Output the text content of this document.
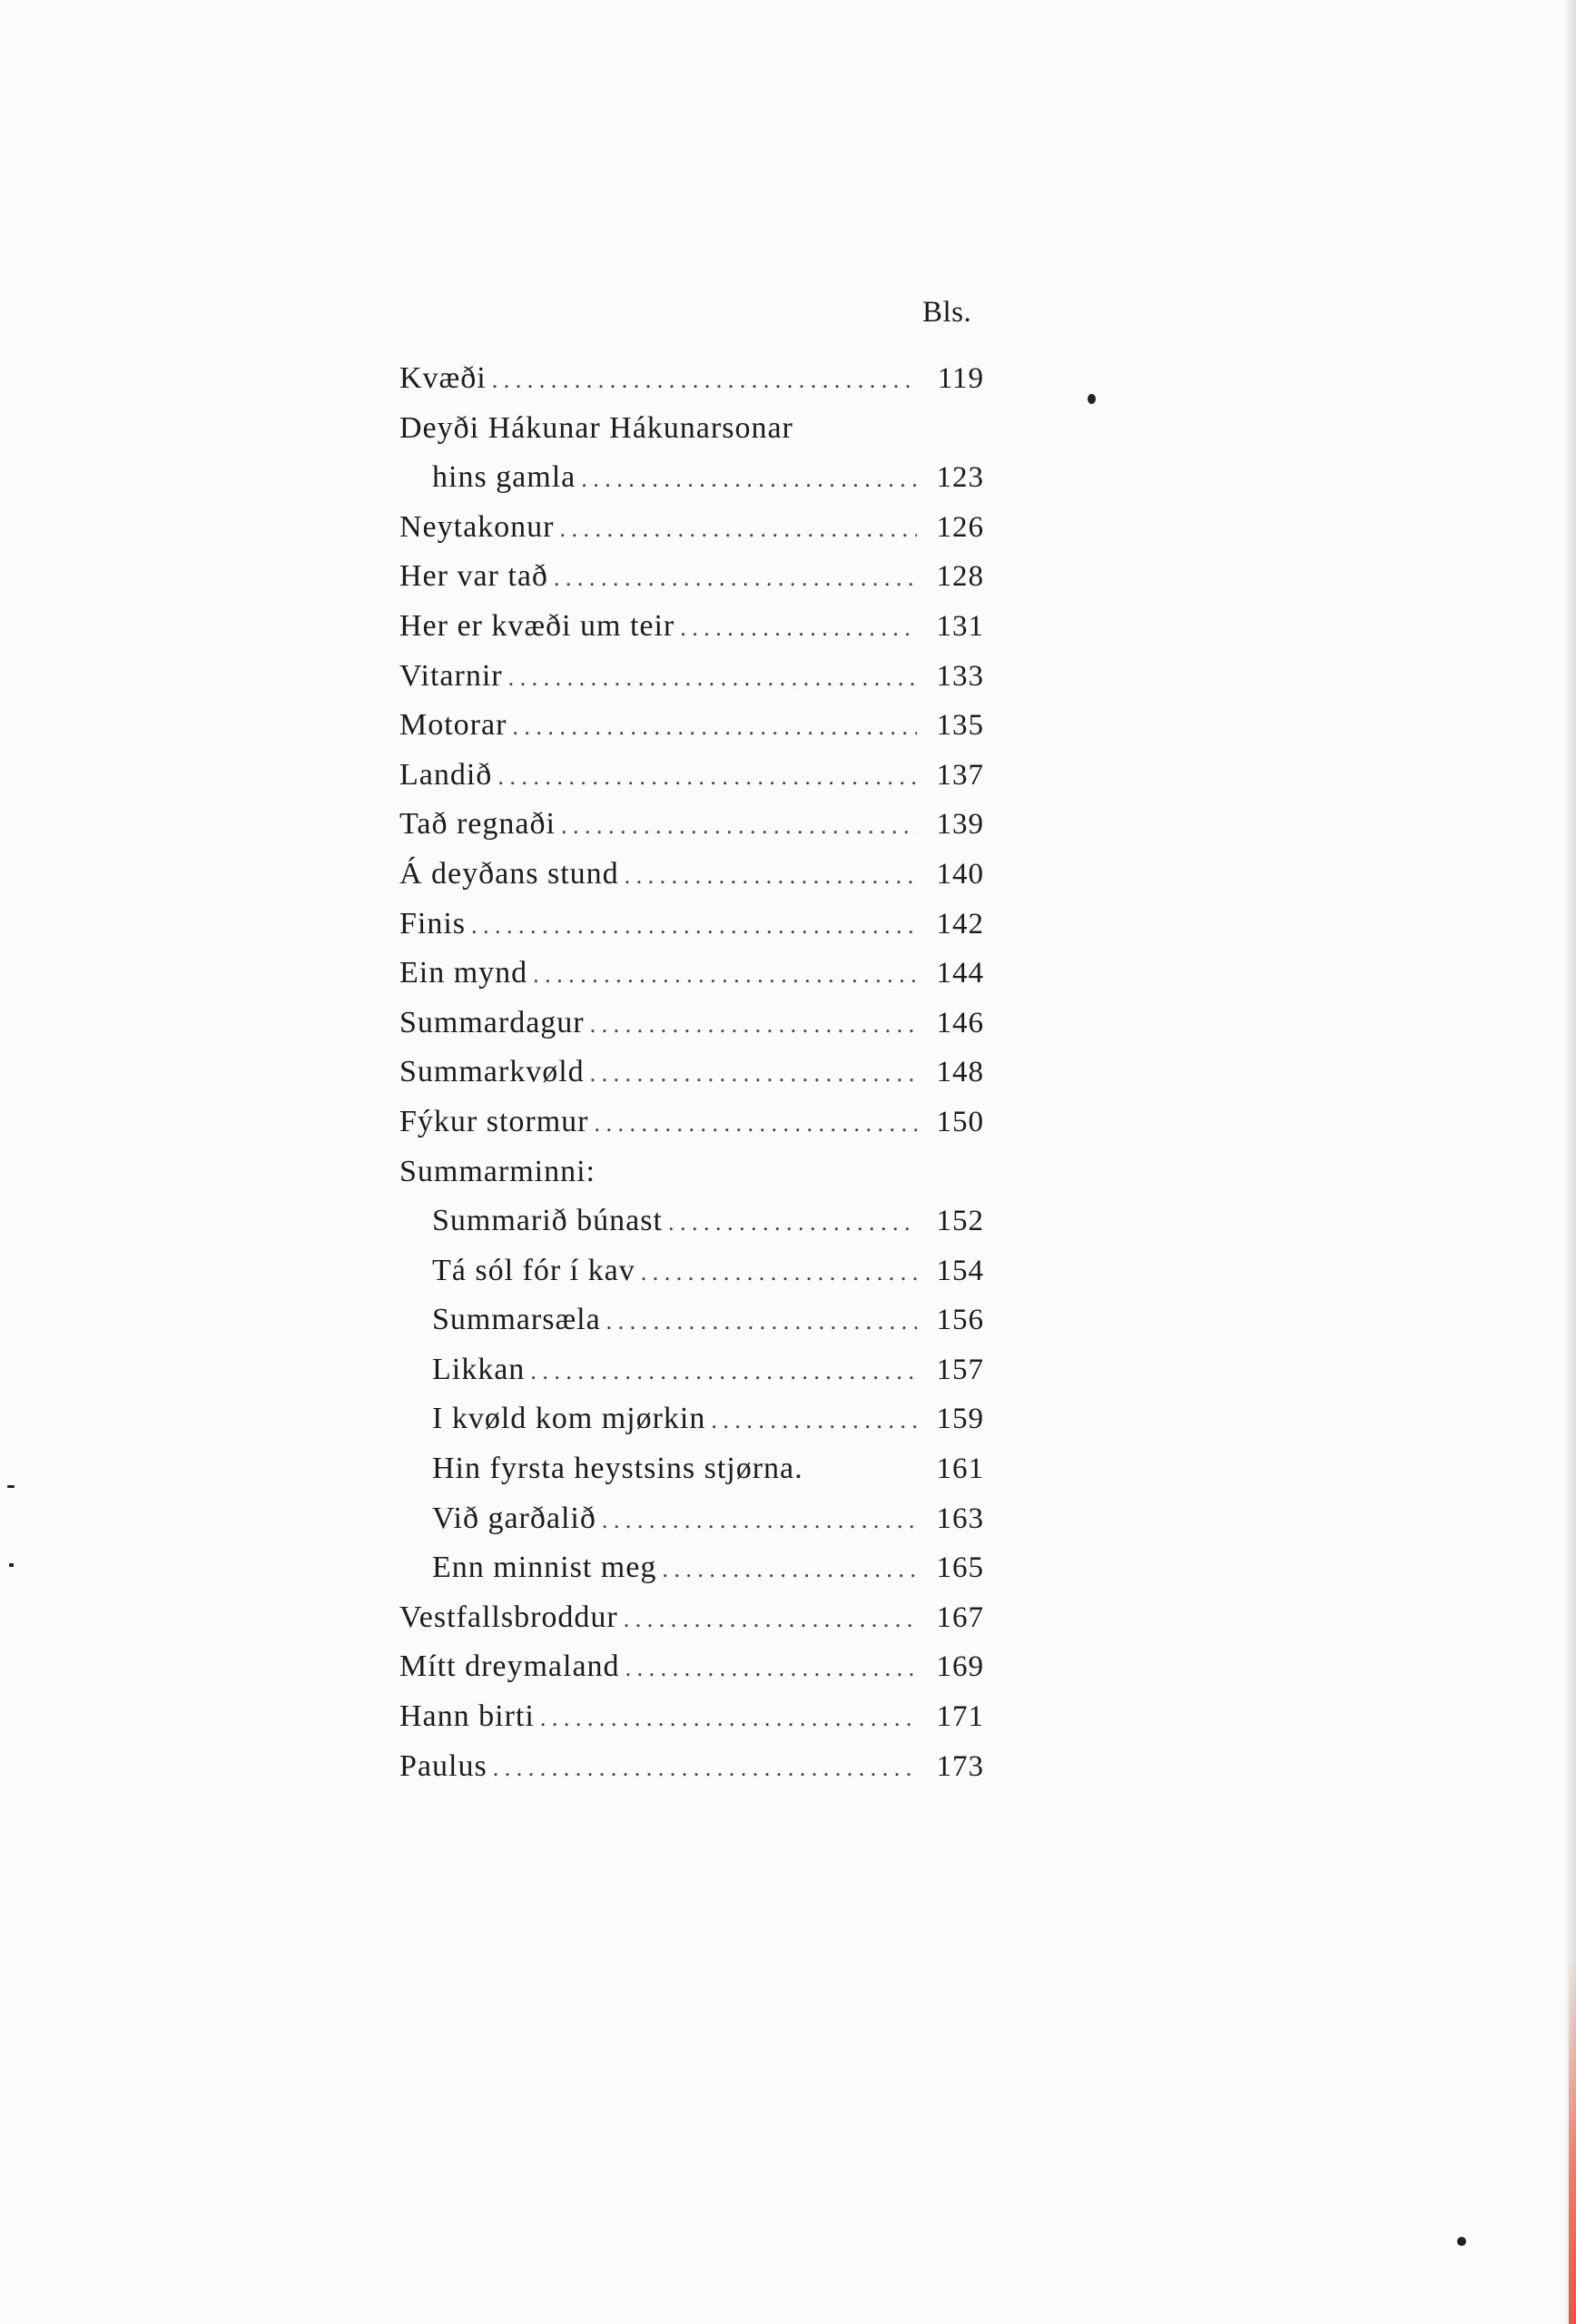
Bls.
Kvæði . . .	119
Deyði Hákunar Hákunarsonar
hins gamla . . .	123
Neytakonur . . .	126
Her var tað . . .	128
Her er kvæði um teir . . .	131
Vitarnir . . .	133
Motorar . . .	135
Landið . . .	137
Tað regnaði . . .	139
Á deyðans stund . . .	140
Finis . . .	142
Ein mynd . . .	144
Summardagur . . .	146
Summarkvøld . . .	148
Fýkur stormur . . .	150
Summarminni:
Summarið búnast . . .	152
Tá sól fór í kav . . .	154
Summarsæla . . .	156
Likkan . . .	157
I kvøld kom mjørkin . . .	159
Hin fyrsta heystsins stjørna.	161
Við garðalið . . .	163
Enn minnist meg . . .	165
Vestfallsbroddur . . .	167
Mítt dreymaland . . .	169
Hann birti . . .	171
Paulus . . .	173
